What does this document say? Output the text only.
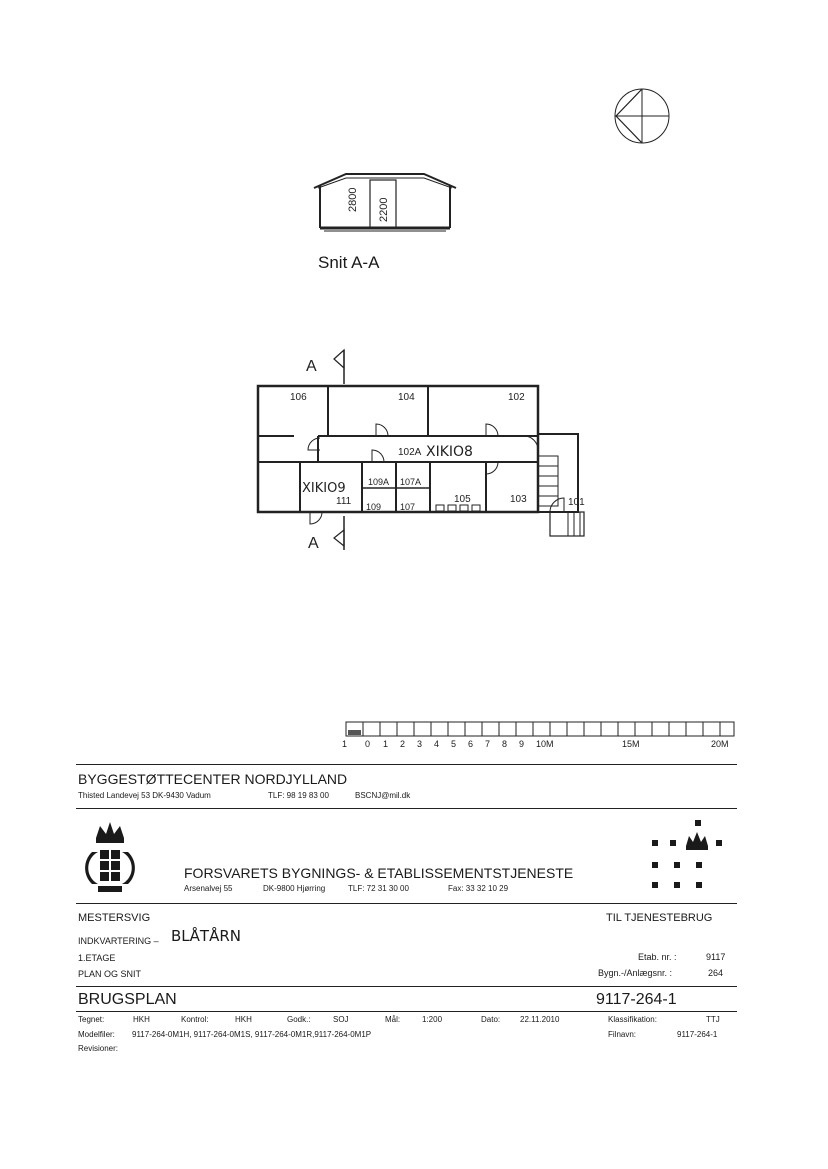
2800 2200
Snit A-A
A
A
106	104	102
102A XIKIO8
XIKIO9 109A 107A
105	103	101
111 109 107
1 0 1 2 3 4 5 6 7 8 9 10M	15M	20M
BYGGESTØTTECENTER NORDJYLLAND
Thisted Landevej 53 DK-9430 Vadum	TLF: 98 19 83 00	BSCNJ@mil.dk
FORSVARETS BYGNINGS- & ETABLISSEMENTSTJENESTE
Arsenalvej 55	DK-9800 Hjørring	TLF: 72 31 30 00	Fax: 33 32 10 29
MESTERSVIG	TIL TJENESTEBRUG
INDKVARTERING – BLÅTÅRN
1.ETAGE	Etab. nr. :	9117
PLAN OG SNIT	Bygn.-/Anlægsnr. :	264
BRUGSPLAN	9117-264-1
Tegnet:	HKH	Kontrol:	HKH	Godk.:	SOJ	Mål:	1:200	Dato: 22.11.2010	Klassifikation:	TTJ
Modelfiler: 9117-264-0M1H, 9117-264-0M1S, 9117-264-0M1R,9117-264-0M1P	Filnavn:	9117-264-1
Revisioner:
